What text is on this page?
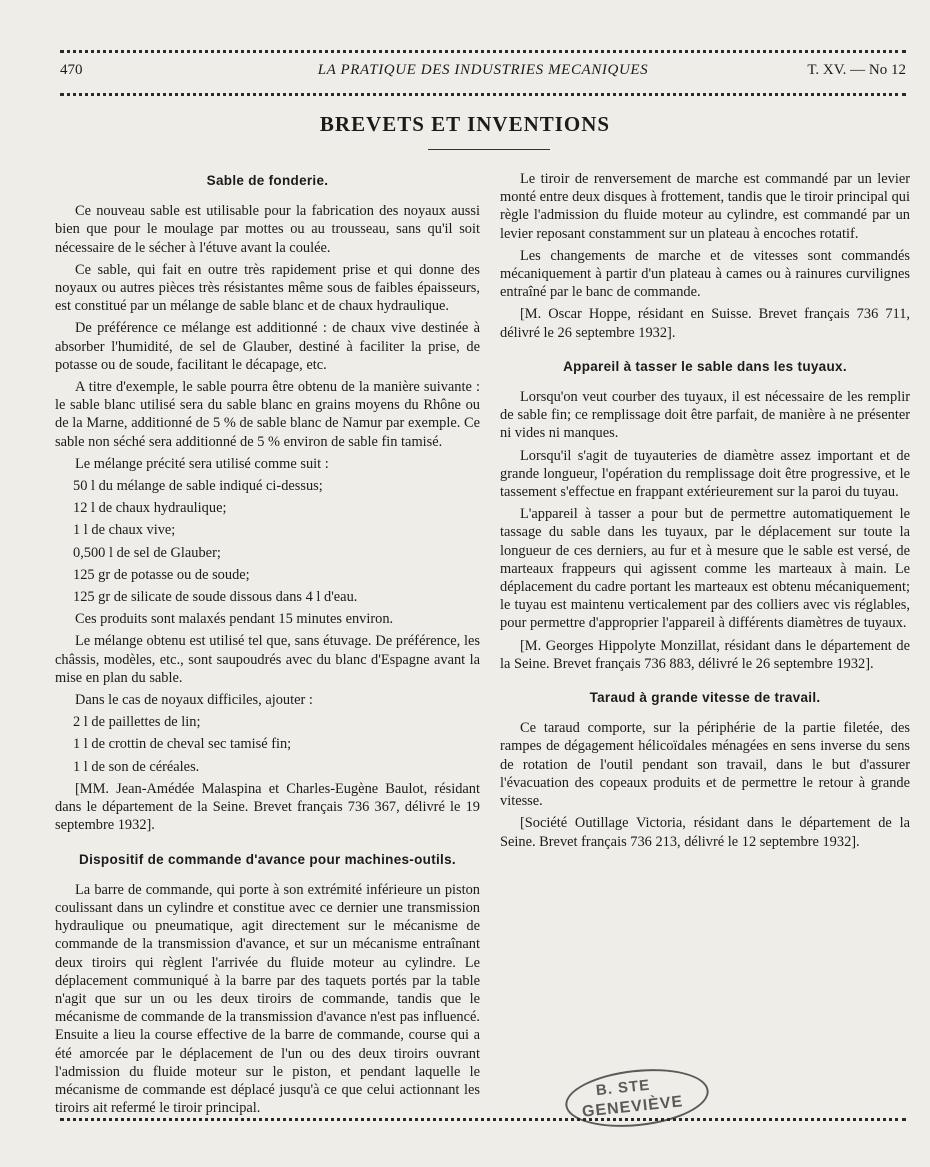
470	LA PRATIQUE DES INDUSTRIES MECANIQUES	T. XV. — No 12
BREVETS ET INVENTIONS
Sable de fonderie.

Ce nouveau sable est utilisable pour la fabrication des noyaux aussi bien que pour le moulage par mottes ou au trousseau, sans qu'il soit nécessaire de le sécher à l'étuve avant la coulée.

Ce sable, qui fait en outre très rapidement prise et qui donne des noyaux ou autres pièces très résistantes même sous de faibles épaisseurs, est constitué par un mélange de sable blanc et de chaux hydraulique.

De préférence ce mélange est additionné : de chaux vive destinée à absorber l'humidité, de sel de Glauber, destiné à faciliter la prise, de potasse ou de soude, facilitant le décapage, etc.

A titre d'exemple, le sable pourra être obtenu de la manière suivante : le sable blanc utilisé sera du sable blanc en grains moyens du Rhône ou de la Marne, additionné de 5 % de sable blanc de Namur par exemple. Ce sable non séché sera additionné de 5 % environ de sable fin tamisé.

Le mélange précité sera utilisé comme suit :

50 l du mélange de sable indiqué ci-dessus;

12 l de chaux hydraulique;

1 l de chaux vive;

0,500 l de sel de Glauber;

125 gr de potasse ou de soude;

125 gr de silicate de soude dissous dans 4 l d'eau.

Ces produits sont malaxés pendant 15 minutes environ.

Le mélange obtenu est utilisé tel que, sans étuvage. De préférence, les châssis, modèles, etc., sont saupoudrés avec du blanc d'Espagne avant la mise en plan du sable.

Dans le cas de noyaux difficiles, ajouter :

2 l de paillettes de lin;

1 l de crottin de cheval sec tamisé fin;

1 l de son de céréales.

[MM. Jean-Amédée Malaspina et Charles-Eugène Baulot, résidant dans le département de la Seine. Brevet français 736 367, délivré le 19 septembre 1932].

Dispositif de commande d'avance pour machines-outils.

La barre de commande, qui porte à son extrémité inférieure un piston coulissant dans un cylindre et constitue avec ce dernier une transmission hydraulique ou pneumatique, agit directement sur le mécanisme de commande de la transmission d'avance, et sur un mécanisme entraînant deux tiroirs qui règlent l'arrivée du fluide moteur au cylindre. Le déplacement communiqué à la barre par des taquets portés par la table n'agit que sur un ou les deux tiroirs de commande, tandis que le mécanisme de commande de la transmission d'avance n'est pas influencé. Ensuite a lieu la course effective de la barre de commande, course qui a été amorcée par le déplacement de l'un ou des deux tiroirs ouvrant l'admission du fluide moteur sur le piston, et pendant laquelle le mécanisme de commande est déplacé jusqu'à ce que celui actionnant les tiroirs ait refermé le tiroir principal.

Le tiroir de renversement de marche est commandé par un levier monté entre deux disques à frottement, tandis que le tiroir principal qui règle l'admission du fluide moteur au cylindre, est commandé par un levier reposant constamment sur un plateau à encoches rotatif.

Les changements de marche et de vitesses sont commandés mécaniquement à partir d'un plateau à cames ou à rainures curvilignes entraîné par le banc de commande.

[M. Oscar Hoppe, résidant en Suisse. Brevet français 736 711, délivré le 26 septembre 1932].

Appareil à tasser le sable dans les tuyaux.

Lorsqu'on veut courber des tuyaux, il est nécessaire de les remplir de sable fin; ce remplissage doit être parfait, de manière à ne présenter ni vides ni manques.

Lorsqu'il s'agit de tuyauteries de diamètre assez important et de grande longueur, l'opération du remplissage doit être progressive, et le tassement s'effectue en frappant extérieurement sur la paroi du tuyau.

L'appareil à tasser a pour but de permettre automatiquement le tassage du sable dans les tuyaux, par le déplacement sur toute la longueur de ces derniers, au fur et à mesure que le sable est versé, de marteaux frappeurs qui agissent comme les marteaux à main. Le déplacement du cadre portant les marteaux est obtenu mécaniquement; le tuyau est maintenu verticalement par des colliers avec vis réglables, pour permettre d'approprier l'appareil à différents diamètres de tuyaux.

[M. Georges Hippolyte Monzillat, résidant dans le département de la Seine. Brevet français 736 883, délivré le 26 septembre 1932].

Taraud à grande vitesse de travail.

Ce taraud comporte, sur la périphérie de la partie filetée, des rampes de dégagement hélicoïdales ménagées en sens inverse du sens de rotation de l'outil pendant son travail, dans le but d'assurer l'évacuation des copeaux produits et de permettre le retour à grande vitesse.

[Société Outillage Victoria, résidant dans le département de la Seine. Brevet français 736 213, délivré le 12 septembre 1932].

B. STE
GENEVIÈVE
